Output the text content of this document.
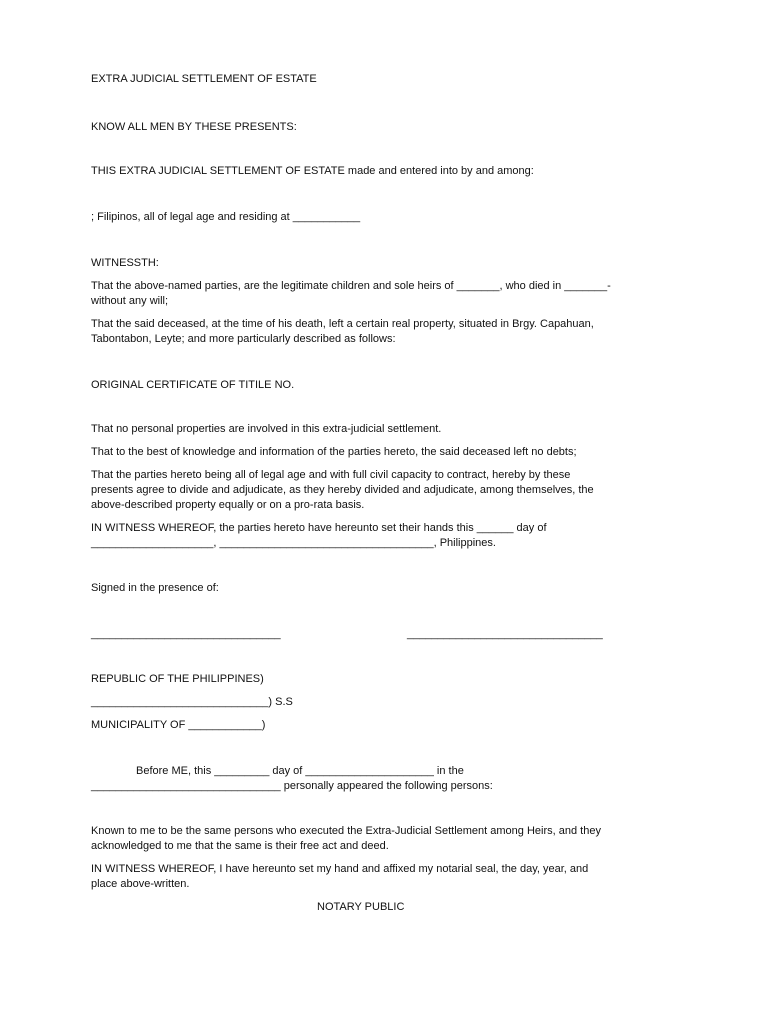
EXTRA JUDICIAL SETTLEMENT OF ESTATE
KNOW ALL MEN BY THESE PRESENTS:
THIS EXTRA JUDICIAL SETTLEMENT OF ESTATE made and entered into by and among:
; Filipinos, all of legal age and residing at ___________
WITNESSTH:
That the above-named parties, are the legitimate children and sole heirs of _______, who died in _______-
without any will;
That the said deceased, at the time of his death, left a certain real property, situated in Brgy. Capahuan,
Tabontabon, Leyte; and more particularly described as follows:
ORIGINAL CERTIFICATE OF TITILE NO.
That no personal properties are involved in this extra-judicial settlement.
That to the best of knowledge and information of the parties hereto, the said deceased left no debts;
That the parties hereto being all of legal age and with full civil capacity to contract, hereby by these
presents agree to divide and adjudicate, as they hereby divided and adjudicate, among themselves, the
above-described property equally or on a pro-rata basis.
IN WITNESS WHEREOF, the parties hereto have hereunto set their hands this ______ day of
____________________, ___________________________________, Philippines.
Signed in the presence of:
_______________________________	________________________________
REPUBLIC OF THE PHILIPPINES)
_____________________________) S.S
MUNICIPALITY OF ____________)
Before ME, this _________ day of _____________________ in the
_______________________________ personally appeared the following persons:
Known to me to be the same persons who executed the Extra-Judicial Settlement among Heirs, and they
acknowledged to me that the same is their free act and deed.
IN WITNESS WHEREOF, I have hereunto set my hand and affixed my notarial seal, the day, year, and
place above-written.
NOTARY PUBLIC
